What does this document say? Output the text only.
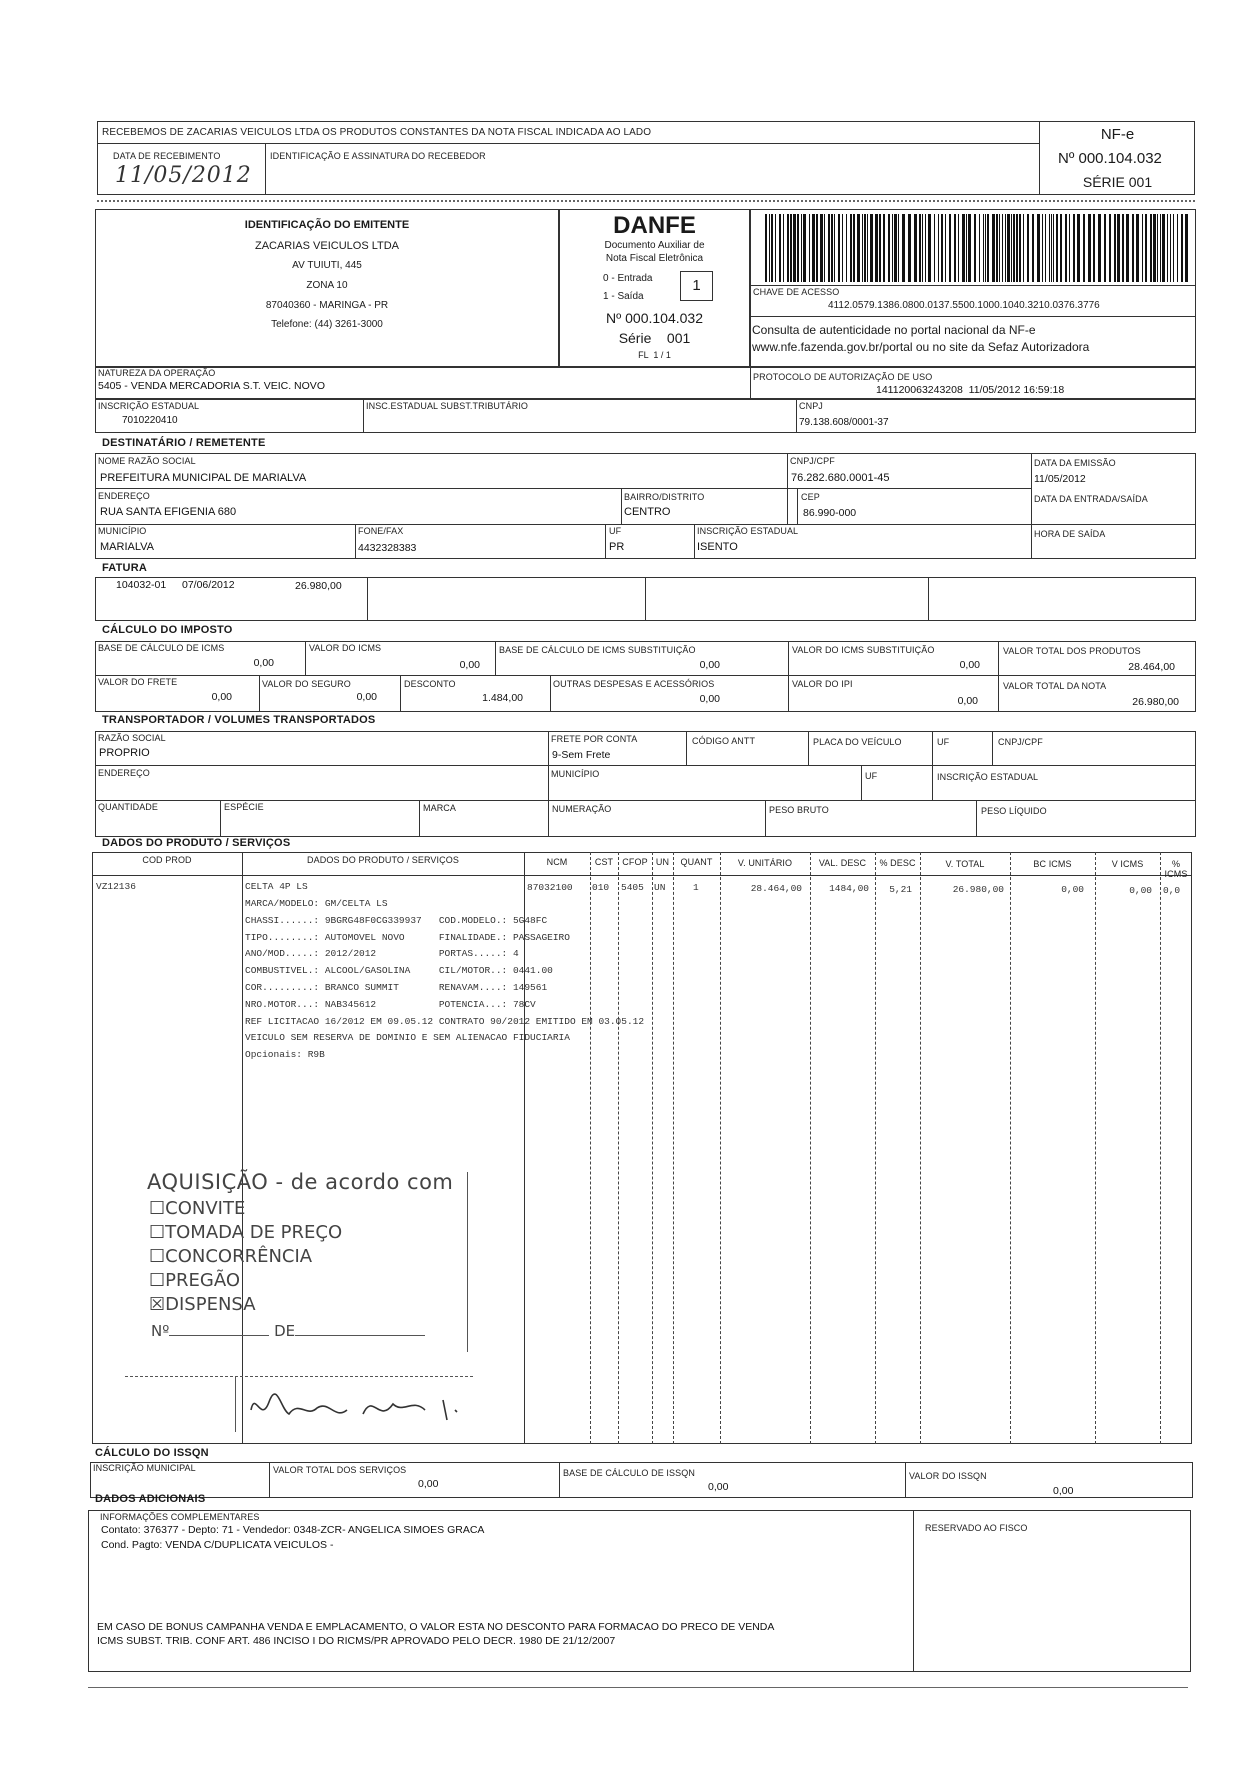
RECEBEMOS DE ZACARIAS VEICULOS LTDA OS PRODUTOS CONSTANTES DA NOTA FISCAL INDICADA AO LADO
DATA DE RECEBIMENTO
11/05/2012
IDENTIFICAÇÃO E ASSINATURA DO RECEBEDOR
NF-e
Nº 000.104.032
SÉRIE 001
IDENTIFICAÇÃO DO EMITENTE
ZACARIAS VEICULOS LTDA
AV TUIUTI, 445
ZONA 10
87040360 - MARINGA - PR
Telefone: (44) 3261-3000
DANFE
Documento Auxiliar de
Nota Fiscal Eletrônica
0 - Entrada
1 - Saída
1
Nº 000.104.032
Série    001
FL  1 / 1
CHAVE DE ACESSO
4112.0579.1386.0800.0137.5500.1000.1040.3210.0376.3776
Consulta de autenticidade no portal nacional da NF-e
www.nfe.fazenda.gov.br/portal ou no site da Sefaz Autorizadora
NATUREZA DA OPERAÇÃO
5405 - VENDA MERCADORIA S.T. VEIC. NOVO
PROTOCOLO DE AUTORIZAÇÃO DE USO
141120063243208  11/05/2012 16:59:18
INSCRIÇÃO ESTADUAL
7010220410
INSC.ESTADUAL SUBST.TRIBUTÁRIO	CNPJ
79.138.608/0001-37
DESTINATÁRIO / REMETENTE
NOME RAZÃO SOCIAL
PREFEITURA MUNICIPAL DE MARIALVA
CNPJ/CPF
76.282.680.0001-45
DATA DA EMISSÃO
11/05/2012
ENDEREÇO
RUA SANTA EFIGENIA 680
BAIRRO/DISTRITO
CENTRO
CEP
86.990-000
DATA DA ENTRADA/SAÍDA
MUNICÍPIO
MARIALVA
FONE/FAX
4432328383
UF
PR
INSCRIÇÃO ESTADUAL
ISENTO
HORA DE SAÍDA
FATURA
104032-01 07/06/2012	26.980,00
CÁLCULO DO IMPOSTO
BASE DE CÁLCULO DE ICMS
0,00
VALOR DO ICMS
0,00
BASE DE CÁLCULO DE ICMS SUBSTITUIÇÃO
0,00
VALOR DO ICMS SUBSTITUIÇÃO
0,00
VALOR TOTAL DOS PRODUTOS
28.464,00
VALOR DO FRETE
0,00
VALOR DO SEGURO
0,00
DESCONTO
1.484,00
OUTRAS DESPESAS E ACESSÓRIOS
0,00
VALOR DO IPI
0,00
VALOR TOTAL DA NOTA
26.980,00
TRANSPORTADOR / VOLUMES TRANSPORTADOS
RAZÃO SOCIAL
PROPRIO
FRETE POR CONTA
9-Sem Frete
CÓDIGO ANTT	PLACA DO VEÍCULO	UF	CNPJ/CPF
ENDEREÇO	MUNICÍPIO	UF	INSCRIÇÃO ESTADUAL
QUANTIDADE	ESPÉCIE	MARCA	NUMERAÇÃO	PESO BRUTO	PESO LÍQUIDO
DADOS DO PRODUTO / SERVIÇOS
COD PROD	DADOS DO PRODUTO / SERVIÇOS	NCM	CST	CFOP UN	QUANT	V. UNITÁRIO	VAL. DESC	% DESC	V. TOTAL	BC ICMS	V ICMS	% ICMS
VZ12136	CELTA 4P LS	87032100 010 5405 UN	1	28.464,00	1484,00	5,21	26.980,00	0,00	0,00 0,0
MARCA/MODELO: GM/CELTA LS
CHASSI......: 9BGRG48F0CG339937   COD.MODELO.: 5G48FC
TIPO........: AUTOMOVEL NOVO      FINALIDADE.: PASSAGEIRO
ANO/MOD.....: 2012/2012           PORTAS.....: 4
COMBUSTIVEL.: ALCOOL/GASOLINA     CIL/MOTOR..: 0441.00
COR.........: BRANCO SUMMIT       RENAVAM....: 149561
NRO.MOTOR...: NAB345612           POTENCIA...: 78CV
REF LICITACAO 16/2012 EM 09.05.12 CONTRATO 90/2012 EMITIDO EM 03.05.12
VEICULO SEM RESERVA DE DOMINIO E SEM ALIENACAO FIDUCIARIA
Opcionais: R9B
AQUISIÇÃO - de acordo com
☐CONVITE
☐TOMADA DE PREÇO
☐CONCORRÊNCIA
☐PREGÃO
☒DISPENSA
Nº	DE
CÁLCULO DO ISSQN
INSCRIÇÃO MUNICIPAL	VALOR TOTAL DOS SERVIÇOS
0,00
BASE DE CÁLCULO DE ISSQN
0,00
VALOR DO ISSQN
0,00
DADOS ADICIONAIS
INFORMAÇÕES COMPLEMENTARES
Contato: 376377 - Depto: 71 - Vendedor: 0348-ZCR- ANGELICA SIMOES GRACA
Cond. Pagto: VENDA C/DUPLICATA VEICULOS -
EM CASO DE BONUS CAMPANHA VENDA E EMPLACAMENTO, O VALOR ESTA NO DESCONTO PARA FORMACAO DO PRECO DE VENDA
ICMS SUBST. TRIB. CONF ART. 486 INCISO I DO RICMS/PR APROVADO PELO DECR. 1980 DE 21/12/2007
RESERVADO AO FISCO
